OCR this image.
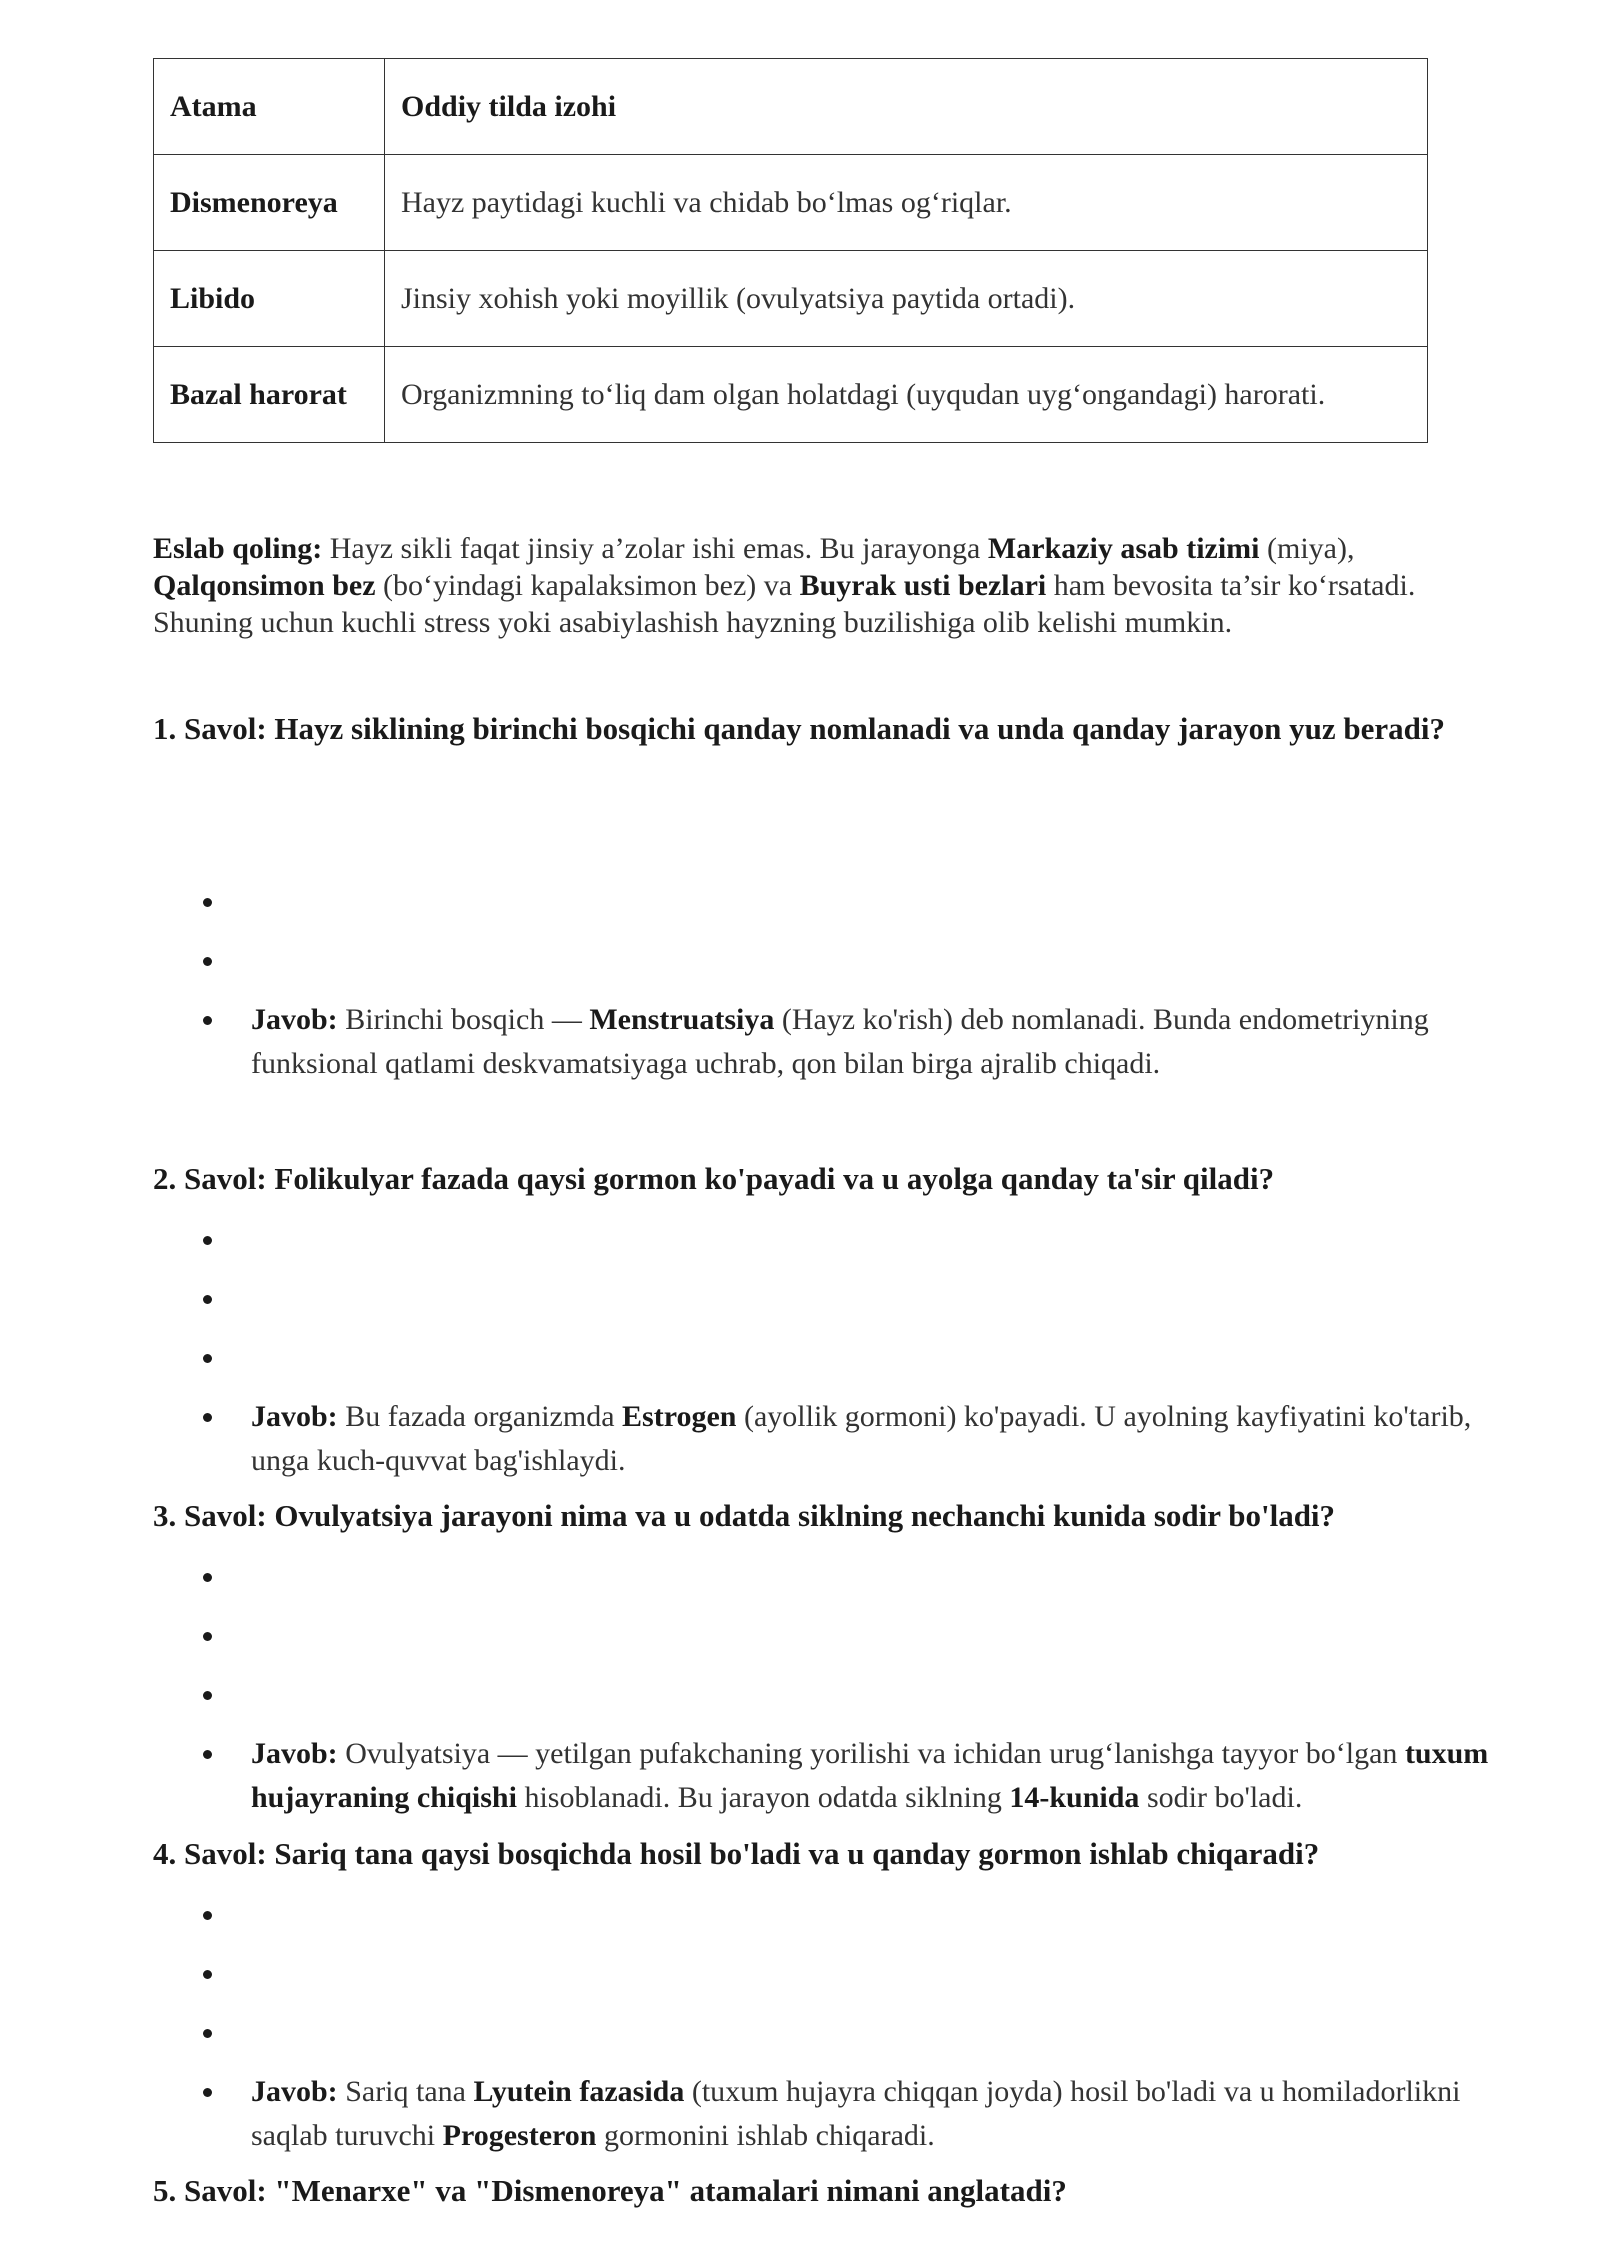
Atama	Oddiy tilda izohi
Dismenoreya	Hayz paytidagi kuchli va chidab bo‘lmas og‘riqlar.
Libido	Jinsiy xohish yoki moyillik (ovulyatsiya paytida ortadi).
Bazal harorat	Organizmning to‘liq dam olgan holatdagi (uyqudan uyg‘ongandagi) harorati.

Eslab qoling: Hayz sikli faqat jinsiy a’zolar ishi emas. Bu jarayonga Markaziy asab tizimi (miya), Qalqonsimon bez (bo‘yindagi kapalaksimon bez) va Buyrak usti bezlari ham bevosita ta’sir ko‘rsatadi. Shuning uchun kuchli stress yoki asabiylashish hayzning buzilishiga olib kelishi mumkin.

1. Savol: Hayz siklining birinchi bosqichi qanday nomlanadi va unda qanday jarayon yuz beradi?

Javob: Birinchi bosqich — Menstruatsiya (Hayz ko'rish) deb nomlanadi. Bunda endometriyning funksional qatlami deskvamatsiyaga uchrab, qon bilan birga ajralib chiqadi.

2. Savol: Folikulyar fazada qaysi gormon ko'payadi va u ayolga qanday ta'sir qiladi?

Javob: Bu fazada organizmda Estrogen (ayollik gormoni) ko'payadi. U ayolning kayfiyatini ko'tarib, unga kuch-quvvat bag'ishlaydi.

3. Savol: Ovulyatsiya jarayoni nima va u odatda siklning nechanchi kunida sodir bo'ladi?

Javob: Ovulyatsiya — yetilgan pufakchaning yorilishi va ichidan urug‘lanishga tayyor bo‘lgan tuxum hujayraning chiqishi hisoblanadi. Bu jarayon odatda siklning 14-kunida sodir bo'ladi.

4. Savol: Sariq tana qaysi bosqichda hosil bo'ladi va u qanday gormon ishlab chiqaradi?

Javob: Sariq tana Lyutein fazasida (tuxum hujayra chiqqan joyda) hosil bo'ladi va u homiladorlikni saqlab turuvchi Progesteron gormonini ishlab chiqaradi.

5. Savol: "Menarxe" va "Dismenoreya" atamalari nimani anglatadi?
